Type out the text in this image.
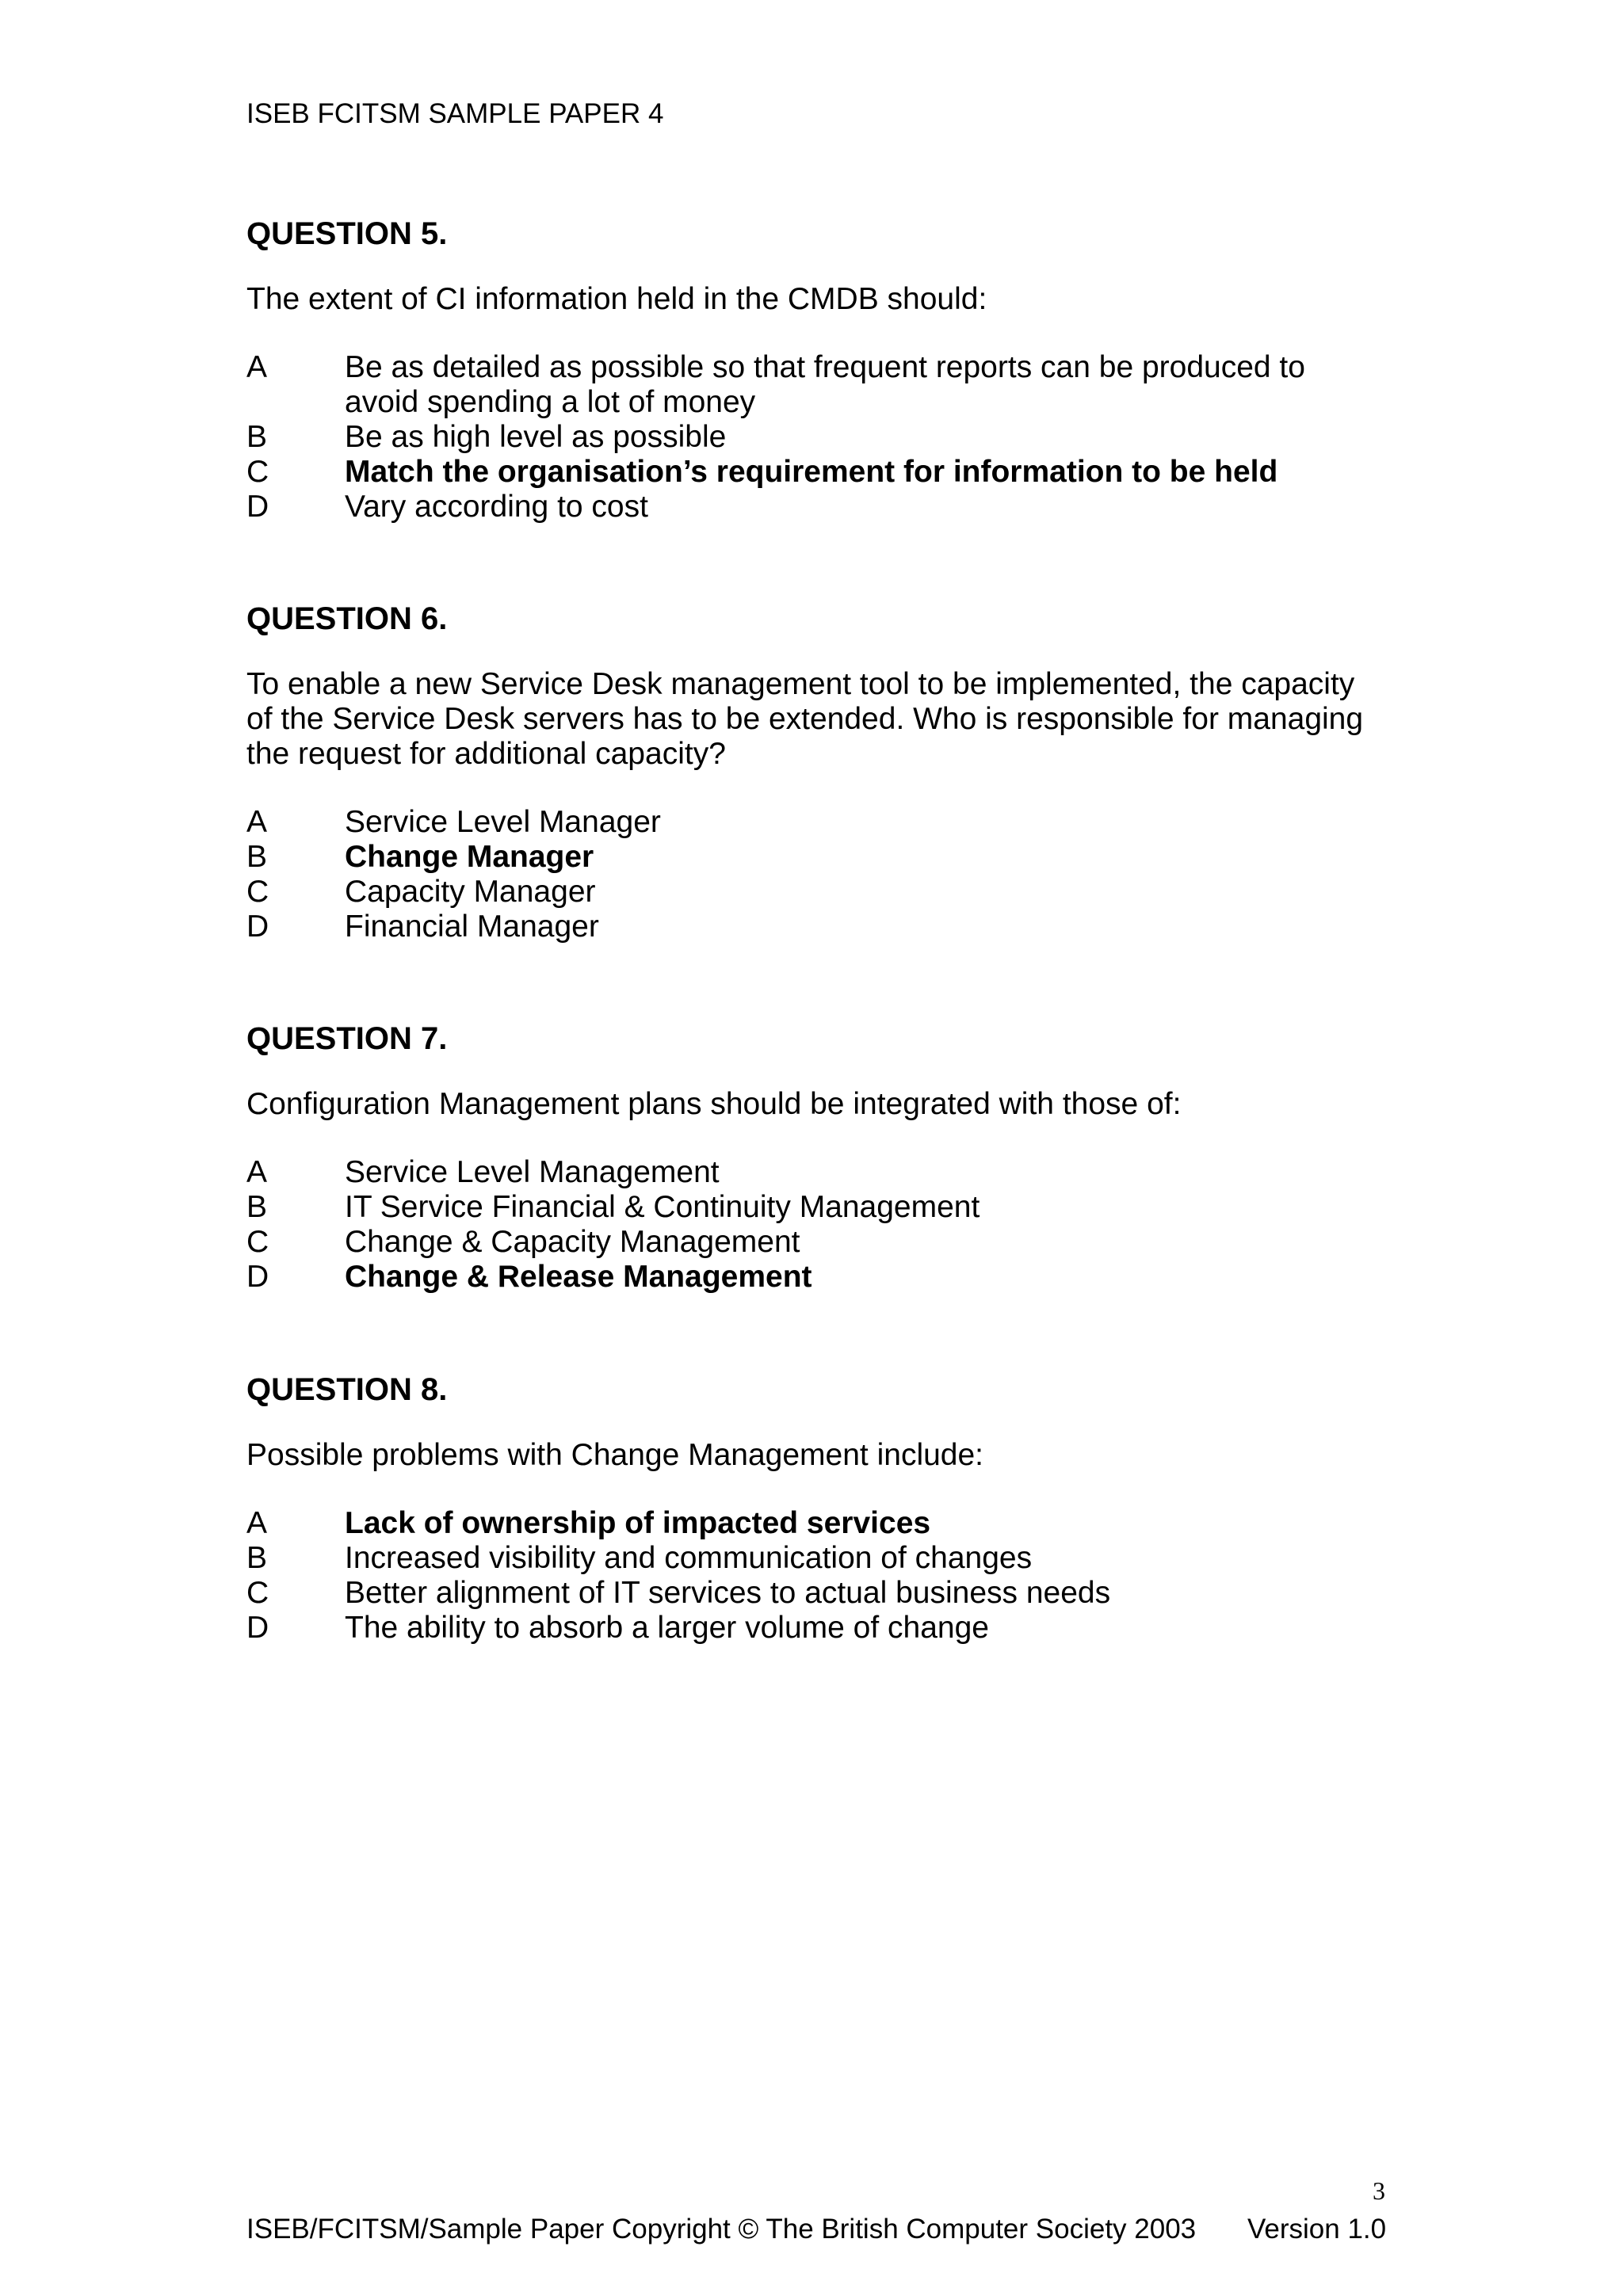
ISEB FCITSM SAMPLE PAPER 4
QUESTION 5.

The extent of CI information held in the CMDB should:

A	Be as detailed as possible so that frequent reports can be produced to avoid spending a lot of money
B	Be as high level as possible
C	Match the organisation’s requirement for information to be held
D	Vary according to cost
QUESTION 6.

To enable a new Service Desk management tool to be implemented, the capacity of the Service Desk servers has to be extended. Who is responsible for managing the request for additional capacity?

A	Service Level Manager
B	Change Manager
C	Capacity Manager
D	Financial Manager
QUESTION 7.

Configuration Management plans should be integrated with those of:

A	Service Level Management
B	IT Service Financial & Continuity Management
C	Change & Capacity Management
D	Change & Release Management
QUESTION 8.

Possible problems with Change Management include:

A	Lack of ownership of impacted services
B	Increased visibility and communication of changes
C	Better alignment of IT services to actual business needs
D	The ability to absorb a larger volume of change
3
ISEB/FCITSM/Sample Paper Copyright © The British Computer Society 2003 Version 1.0
